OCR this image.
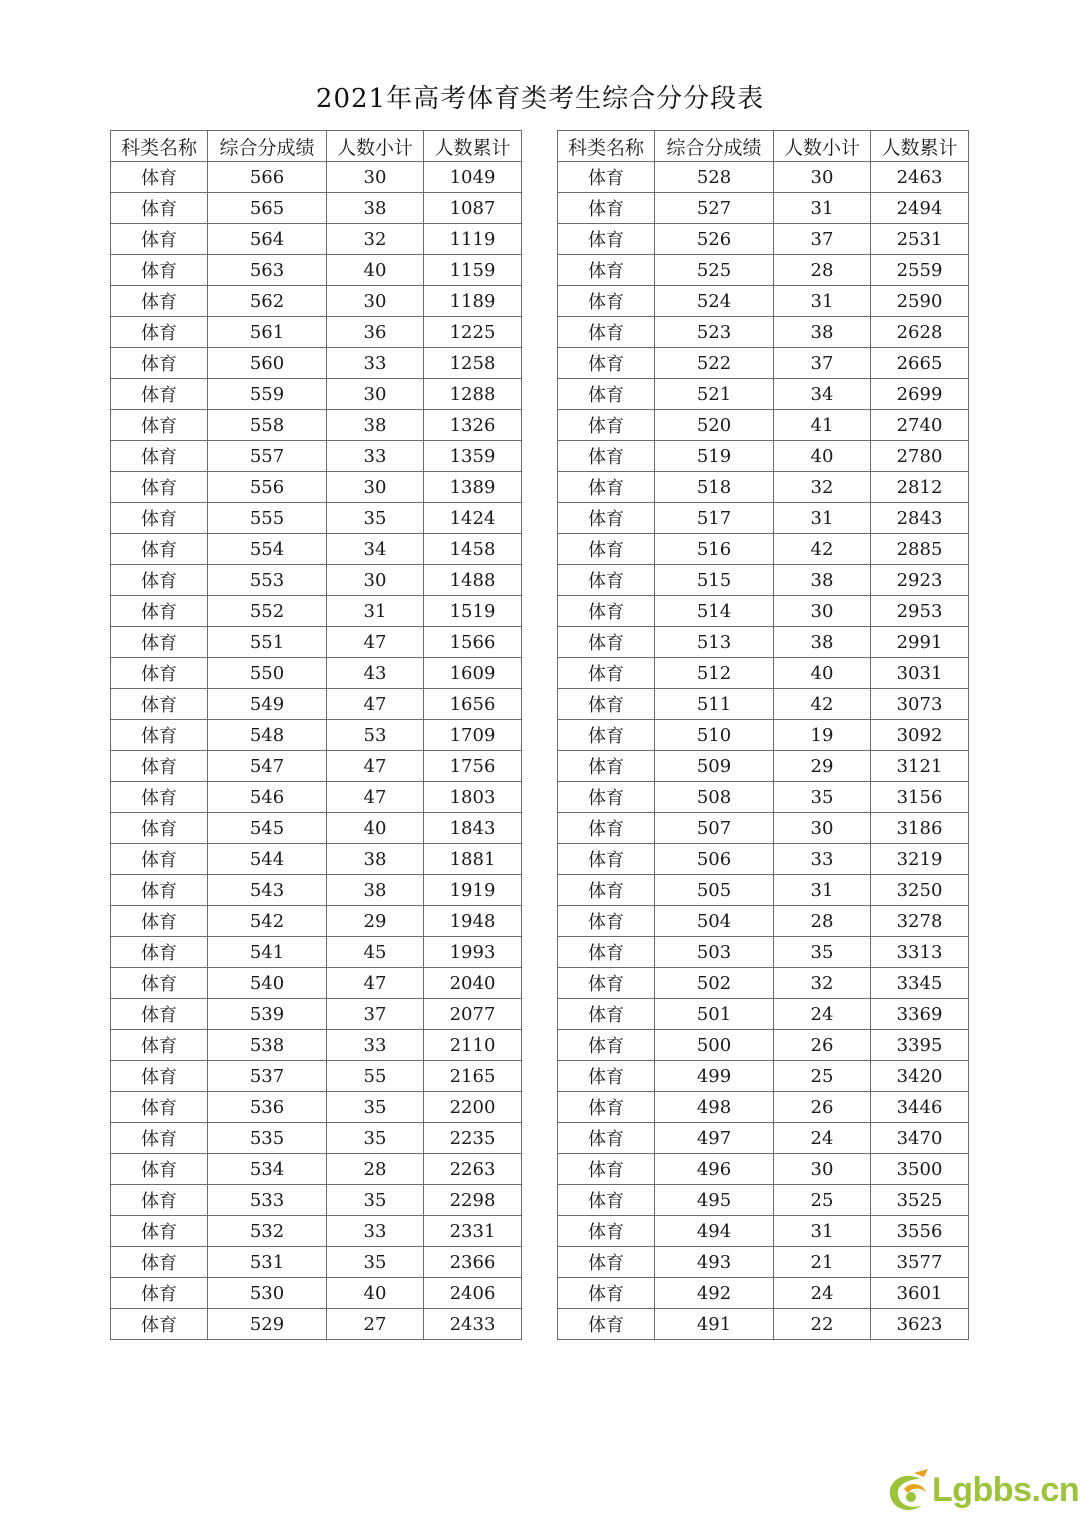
2021年高考体育类考生综合分分段表
科类名称	综合分成绩	人数小计	人数累计
体育	566	30	1049
体育	565	38	1087
体育	564	32	1119
体育	563	40	1159
体育	562	30	1189
体育	561	36	1225
体育	560	33	1258
体育	559	30	1288
体育	558	38	1326
体育	557	33	1359
体育	556	30	1389
体育	555	35	1424
体育	554	34	1458
体育	553	30	1488
体育	552	31	1519
体育	551	47	1566
体育	550	43	1609
体育	549	47	1656
体育	548	53	1709
体育	547	47	1756
体育	546	47	1803
体育	545	40	1843
体育	544	38	1881
体育	543	38	1919
体育	542	29	1948
体育	541	45	1993
体育	540	47	2040
体育	539	37	2077
体育	538	33	2110
体育	537	55	2165
体育	536	35	2200
体育	535	35	2235
体育	534	28	2263
体育	533	35	2298
体育	532	33	2331
体育	531	35	2366
体育	530	40	2406
体育	529	27	2433
科类名称	综合分成绩	人数小计	人数累计
体育	528	30	2463
体育	527	31	2494
体育	526	37	2531
体育	525	28	2559
体育	524	31	2590
体育	523	38	2628
体育	522	37	2665
体育	521	34	2699
体育	520	41	2740
体育	519	40	2780
体育	518	32	2812
体育	517	31	2843
体育	516	42	2885
体育	515	38	2923
体育	514	30	2953
体育	513	38	2991
体育	512	40	3031
体育	511	42	3073
体育	510	19	3092
体育	509	29	3121
体育	508	35	3156
体育	507	30	3186
体育	506	33	3219
体育	505	31	3250
体育	504	28	3278
体育	503	35	3313
体育	502	32	3345
体育	501	24	3369
体育	500	26	3395
体育	499	25	3420
体育	498	26	3446
体育	497	24	3470
体育	496	30	3500
体育	495	25	3525
体育	494	31	3556
体育	493	21	3577
体育	492	24	3601
体育	491	22	3623
Lgbbs.cn
